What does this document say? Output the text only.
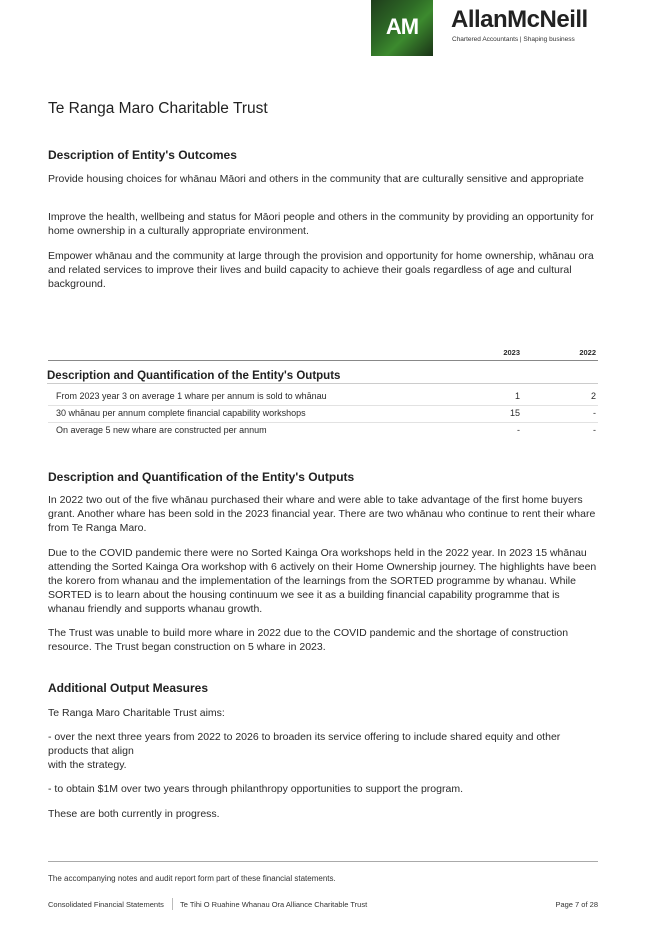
AM	AllanMcNeill
Chartered Accountants | Shaping business
Te Ranga Maro Charitable Trust
Description of Entity's Outcomes
Provide housing choices for whānau Māori and others in the community that are culturally sensitive and appropriate
Improve the health, wellbeing and status for Māori people and others in the community by providing an opportunity for home ownership in a culturally appropriate environment.
Empower whānau and the community at large through the provision and opportunity for home ownership, whānau ora and related services to improve their lives and build capacity to achieve their goals regardless of age and cultural background.
2023	2022
Description and Quantification of the Entity's Outputs
From 2023 year 3 on average 1 whare per annum is sold to whānau	1	2
30 whānau per annum complete financial capability workshops	15	-
On average 5 new whare are constructed per annum	-	-
Description and Quantification of the Entity's Outputs
In 2022 two out of the five whānau purchased their whare and were able to take advantage of the first home buyers grant. Another whare has been sold in the 2023 financial year. There are two whānau who continue to rent their whare from Te Ranga Maro.
Due to the COVID pandemic there were no Sorted Kainga Ora workshops held in the 2022 year. In 2023 15 whānau attending the Sorted Kainga Ora workshop with 6 actively on their Home Ownership journey. The highlights have been the korero from whanau and the implementation of the learnings from the SORTED programme by whanau. While SORTED is to learn about the housing continuum we see it as a building financial capability programme that is whanau friendly and supports whanau growth.
The Trust was unable to build more whare in 2022 due to the COVID pandemic and the shortage of construction resource. The Trust began construction on 5 whare in 2023.
Additional Output Measures
Te Ranga Maro Charitable Trust aims:
- over the next three years from 2022 to 2026 to broaden its service offering to include shared equity and other products that align
with the strategy.
- to obtain $1M over two years through philanthropy opportunities to support the program.
These are both currently in progress.
The accompanying notes and audit report form part of these financial statements.
Consolidated Financial Statements Te Tihi O Ruahine Whanau Ora Alliance Charitable Trust	Page 7 of 28
